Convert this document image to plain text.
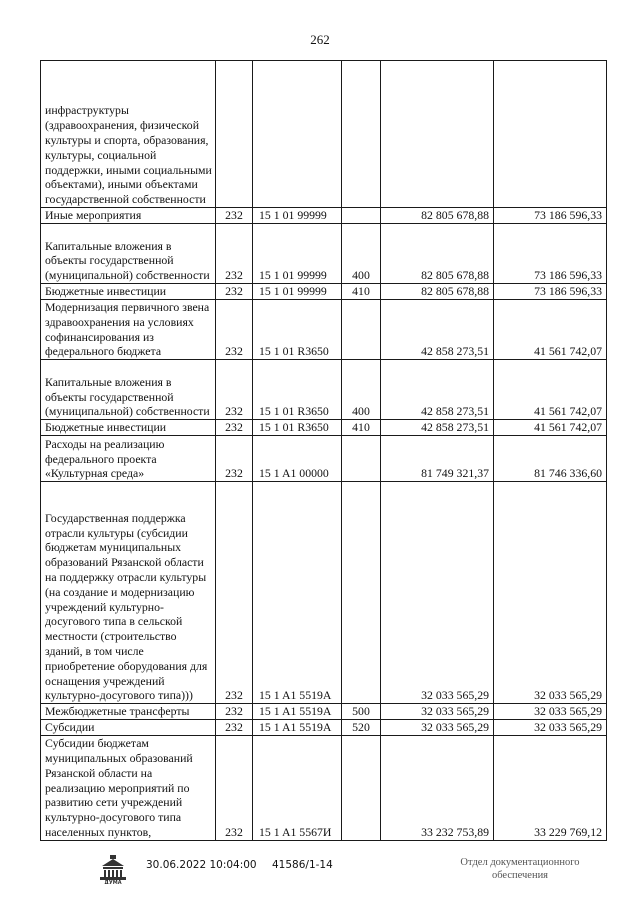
262
инфраструктуры (здравоохранения, физической культуры и спорта, образования, культуры, социальной поддержки, иными социальными объектами), иными объектами государственной собственности					
Иные мероприятия	232	15 1 01 99999		82 805 678,88	73 186 596,33
Капитальные вложения в объекты государственной (муниципальной) собственности	232	15 1 01 99999	400	82 805 678,88	73 186 596,33
Бюджетные инвестиции	232	15 1 01 99999	410	82 805 678,88	73 186 596,33
Модернизация первичного звена здравоохранения на условиях софинансирования из федерального бюджета	232	15 1 01 R3650		42 858 273,51	41 561 742,07
Капитальные вложения в объекты государственной (муниципальной) собственности	232	15 1 01 R3650	400	42 858 273,51	41 561 742,07
Бюджетные инвестиции	232	15 1 01 R3650	410	42 858 273,51	41 561 742,07
Расходы на реализацию федерального проекта «Культурная среда»	232	15 1 A1 00000		81 749 321,37	81 746 336,60
Государственная поддержка отрасли культуры (субсидии бюджетам муниципальных образований Рязанской области на поддержку отрасли культуры (на создание и модернизацию учреждений культурно-досугового типа в сельской местности (строительство зданий, в том числе приобретение оборудования для оснащения учреждений культурно-досугового типа)))	232	15 1 A1 5519A		32 033 565,29	32 033 565,29
Межбюджетные трансферты	232	15 1 A1 5519A	500	32 033 565,29	32 033 565,29
Субсидии	232	15 1 A1 5519A	520	32 033 565,29	32 033 565,29
Субсидии бюджетам муниципальных образований Рязанской области на реализацию мероприятий по развитию сети учреждений культурно-досугового типа населенных пунктов,	232	15 1 A1 5567И		33 232 753,89	33 229 769,12
ДУМА
30.06.2022 10:04:00 41586/1-14	Отдел документационного обеспечения
